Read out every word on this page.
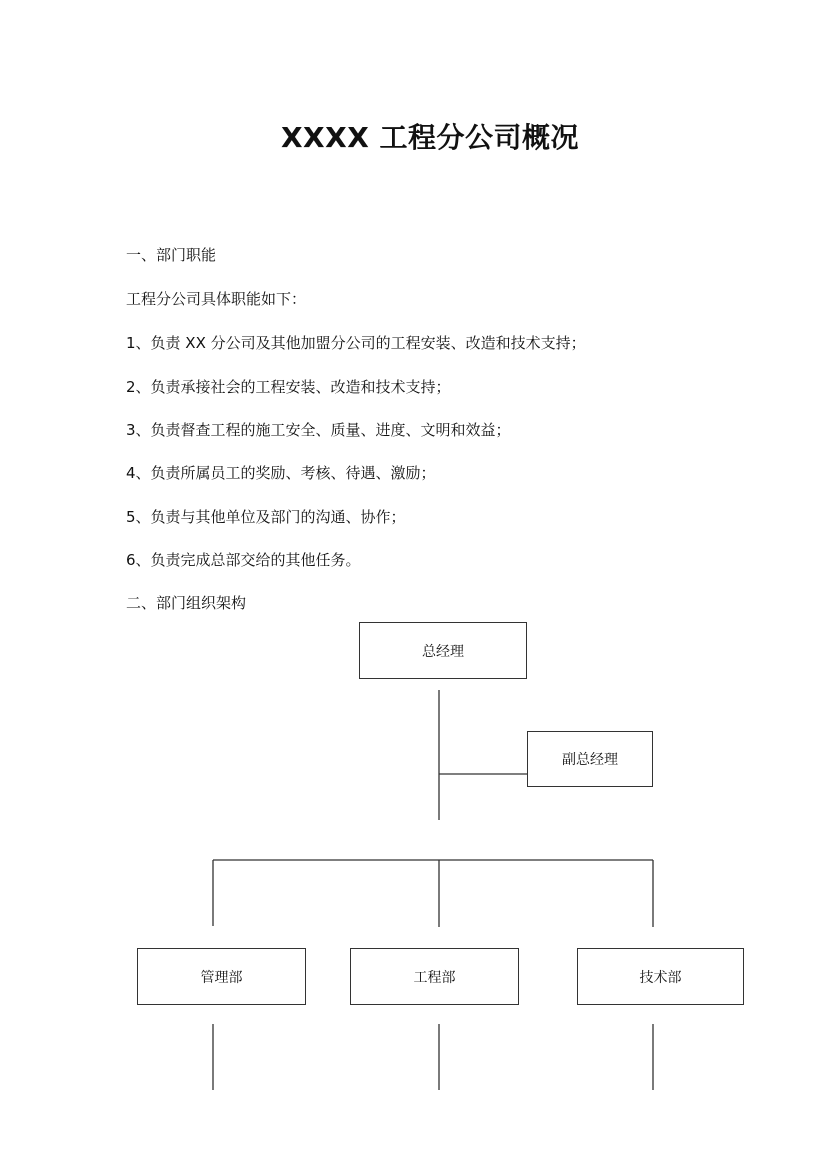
XXXX 工程分公司概况
一、部门职能
工程分公司具体职能如下：
1、负责 XX 分公司及其他加盟分公司的工程安装、改造和技术支持；
2、负责承接社会的工程安装、改造和技术支持；
3、负责督查工程的施工安全、质量、进度、文明和效益；
4、负责所属员工的奖励、考核、待遇、激励；
5、负责与其他单位及部门的沟通、协作；
6、负责完成总部交给的其他任务。
二、部门组织架构
总经理
副总经理
管理部	工程部	技术部
